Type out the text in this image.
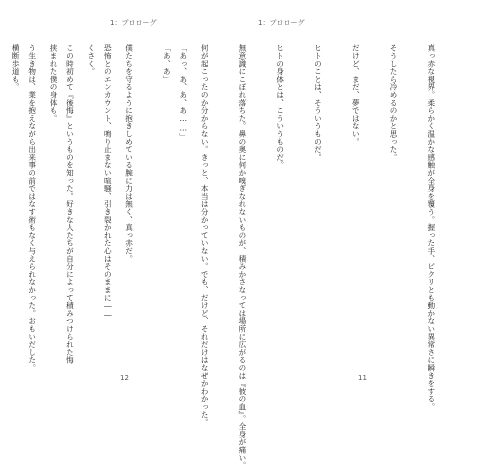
1：プロローグ

「あっ、あ、あ、あ……」

恐怖とのエンカウント、鳴り止まない喧騒、引き裂かれた心はそのままに――

この時初めて『後悔』というものを知った。好きな人たちが自分によって積みつけられた悔

う生き物は、業を抱えながら出来事の前ではなす術もなく与えられなかった。おもいだした。

12
1：プロローグ

真っ赤な視界。柔らかく温かな感触が全身を覆う。握った手、ピクリとも動かない異常さに瞬きをする。

そうしたら冷めるのかと思った。

だけど、まだ、夢ではない。

ヒトのことは、そういうものだ。

ヒトの身体とは、こういうものだ。

無意識にこぼれ落ちた。鼻の奥に何か嗅ぎなれないものが、積みかさなっては場所に広がるのは『彼の血』。全身が痛い。

何が起こったのか分からない。きっと、本当は分かっていない。でも、だけど、それだけはなぜかわかった。

「あ、あ」

僕たちを守るように抱きしめている腕に力は無く、真っ赤だ。

くさく。

挟まれた僕の身体も。

横断歩道も。

11
